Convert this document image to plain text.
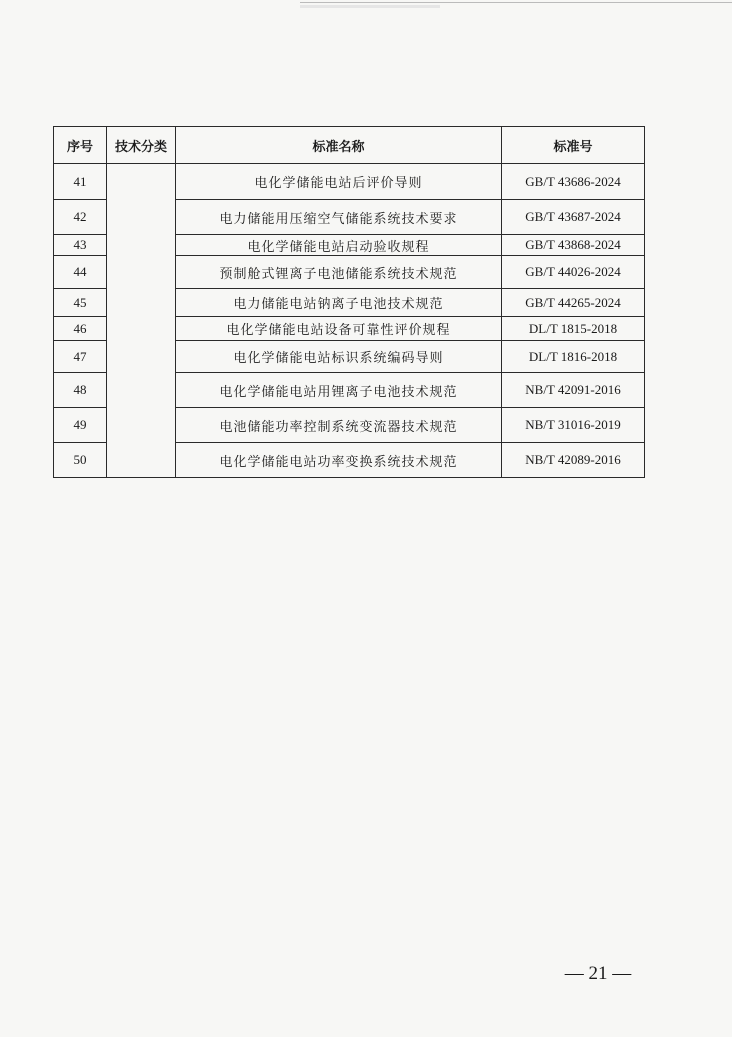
序号	技术分类	标准名称	标准号
41		电化学储能电站后评价导则	GB/T 43686-2024
42		电力储能用压缩空气储能系统技术要求	GB/T 43687-2024
43		电化学储能电站启动验收规程	GB/T 43868-2024
44		预制舱式锂离子电池储能系统技术规范	GB/T 44026-2024
45		电力储能电站钠离子电池技术规范	GB/T 44265-2024
46		电化学储能电站设备可靠性评价规程	DL/T 1815-2018
47		电化学储能电站标识系统编码导则	DL/T 1816-2018
48		电化学储能电站用锂离子电池技术规范	NB/T 42091-2016
49		电池储能功率控制系统变流器技术规范	NB/T 31016-2019
50		电化学储能电站功率变换系统技术规范	NB/T 42089-2016
— 21 —
